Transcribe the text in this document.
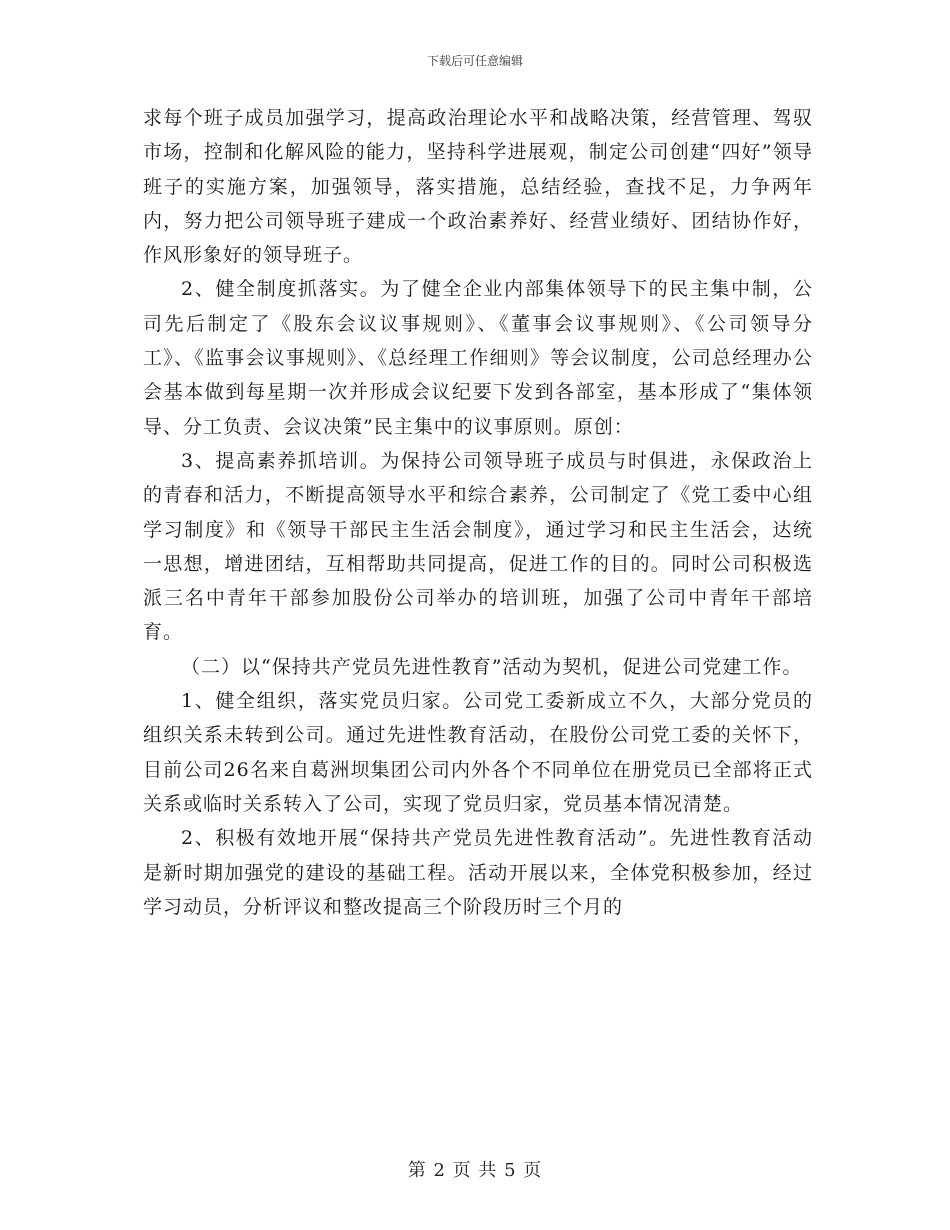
下载后可任意编辑

求每个班子成员加强学习，提高政治理论水平和战略决策，经营管理、驾驭市场，控制和化解风险的能力，坚持科学进展观，制定公司创建“四好”领导班子的实施方案，加强领导，落实措施，总结经验，查找不足，力争两年内，努力把公司领导班子建成一个政治素养好、经营业绩好、团结协作好，作风形象好的领导班子。

2、健全制度抓落实。为了健全企业内部集体领导下的民主集中制，公司先后制定了《股东会议议事规则》、《董事会议事规则》、《公司领导分工》、《监事会议事规则》、《总经理工作细则》等会议制度，公司总经理办公会基本做到每星期一次并形成会议纪要下发到各部室，基本形成了“集体领导、分工负责、会议决策”民主集中的议事原则。原创：

3、提高素养抓培训。为保持公司领导班子成员与时俱进，永保政治上的青春和活力，不断提高领导水平和综合素养，公司制定了《党工委中心组学习制度》和《领导干部民主生活会制度》，通过学习和民主生活会，达统一思想，增进团结，互相帮助共同提高，促进工作的目的。同时公司积极选派三名中青年干部参加股份公司举办的培训班，加强了公司中青年干部培育。

（二）以“保持共产党员先进性教育”活动为契机，促进公司党建工作。

1、健全组织，落实党员归家。公司党工委新成立不久，大部分党员的组织关系未转到公司。通过先进性教育活动，在股份公司党工委的关怀下，目前公司26名来自葛洲坝集团公司内外各个不同单位在册党员已全部将正式关系或临时关系转入了公司，实现了党员归家，党员基本情况清楚。

2、积极有效地开展“保持共产党员先进性教育活动”。先进性教育活动是新时期加强党的建设的基础工程。活动开展以来，全体党积极参加，经过学习动员，分析评议和整改提高三个阶段历时三个月的

第 2 页 共 5 页
